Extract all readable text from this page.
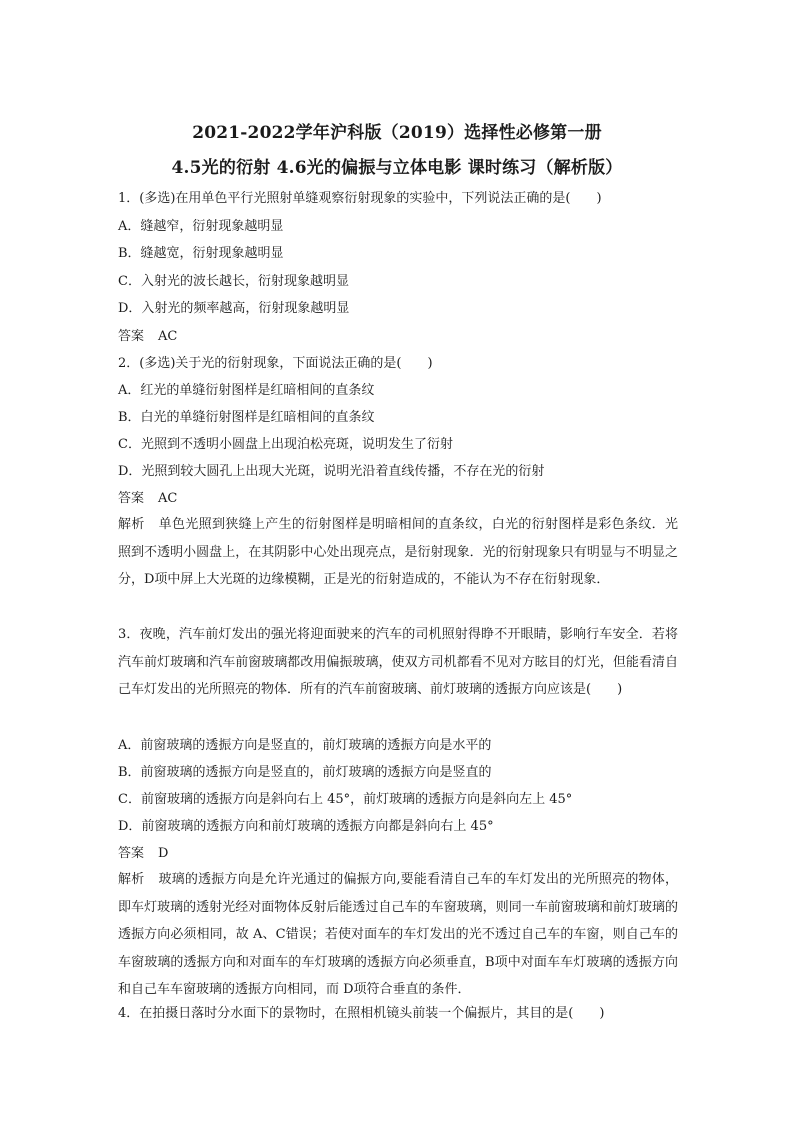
2021-2022学年沪科版（2019）选择性必修第一册
4.5光的衍射 4.6光的偏振与立体电影 课时练习（解析版）
1．(多选)在用单色平行光照射单缝观察衍射现象的实验中，下列说法正确的是(　　)
A．缝越窄，衍射现象越明显
B．缝越宽，衍射现象越明显
C．入射光的波长越长，衍射现象越明显
D．入射光的频率越高，衍射现象越明显
答案 AC
2．(多选)关于光的衍射现象，下面说法正确的是(　　)
A．红光的单缝衍射图样是红暗相间的直条纹
B．白光的单缝衍射图样是红暗相间的直条纹
C．光照到不透明小圆盘上出现泊松亮斑，说明发生了衍射
D．光照到较大圆孔上出现大光斑，说明光沿着直线传播，不存在光的衍射
答案 AC
解析 单色光照到狭缝上产生的衍射图样是明暗相间的直条纹，白光的衍射图样是彩色条纹．光照到不透明小圆盘上，在其阴影中心处出现亮点，是衍射现象．光的衍射现象只有明显与不明显之分，D项中屏上大光斑的边缘模糊，正是光的衍射造成的，不能认为不存在衍射现象．
3．夜晚，汽车前灯发出的强光将迎面驶来的汽车的司机照射得睁不开眼睛，影响行车安全．若将汽车前灯玻璃和汽车前窗玻璃都改用偏振玻璃，使双方司机都看不见对方眩目的灯光，但能看清自己车灯发出的光所照亮的物体．所有的汽车前窗玻璃、前灯玻璃的透振方向应该是(　　)
A．前窗玻璃的透振方向是竖直的，前灯玻璃的透振方向是水平的
B．前窗玻璃的透振方向是竖直的，前灯玻璃的透振方向是竖直的
C．前窗玻璃的透振方向是斜向右上 45°，前灯玻璃的透振方向是斜向左上 45°
D．前窗玻璃的透振方向和前灯玻璃的透振方向都是斜向右上 45°
答案 D
解析 玻璃的透振方向是允许光通过的偏振方向,要能看清自己车的车灯发出的光所照亮的物体，即车灯玻璃的透射光经对面物体反射后能透过自己车的车窗玻璃，则同一车前窗玻璃和前灯玻璃的透振方向必须相同，故 A、C错误；若使对面车的车灯发出的光不透过自己车的车窗，则自己车的车窗玻璃的透振方向和对面车的车灯玻璃的透振方向必须垂直，B项中对面车车灯玻璃的透振方向和自己车车窗玻璃的透振方向相同，而 D项符合垂直的条件．
4．在拍摄日落时分水面下的景物时，在照相机镜头前装一个偏振片，其目的是(　　)
